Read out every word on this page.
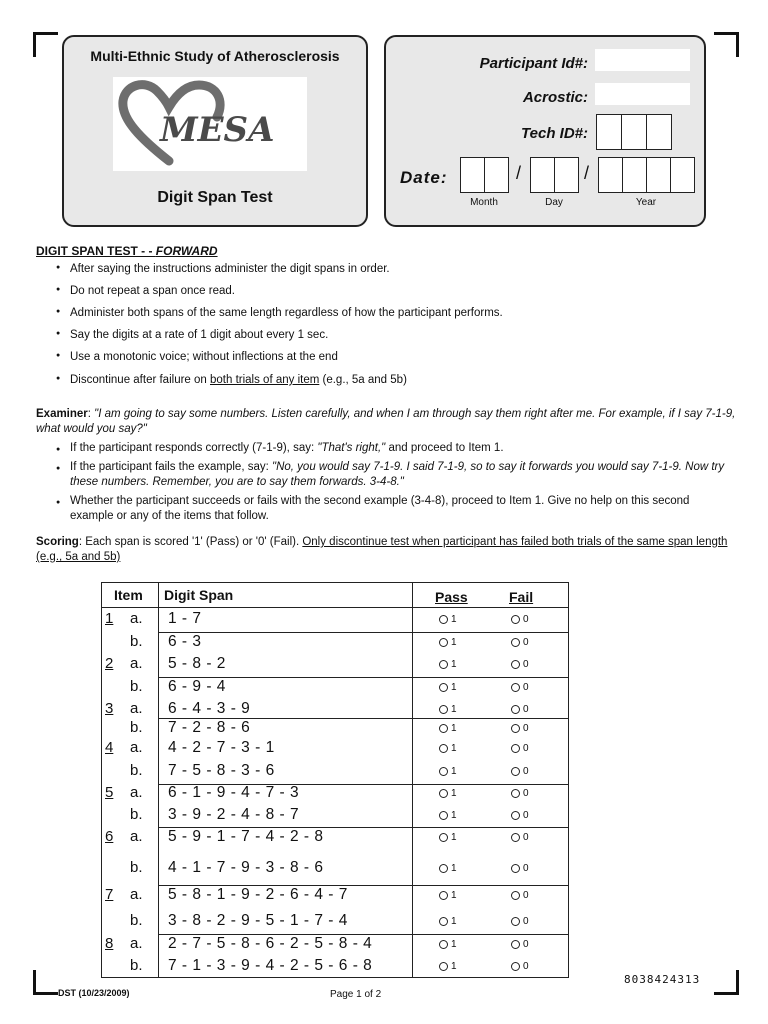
Multi-Ethnic Study of Atherosclerosis
MESA
Digit Span Test
Participant Id#:
Acrostic:
Tech ID#:
Date:	/	/
Month	Day	Year
DIGIT SPAN TEST - - FORWARD
● After saying the instructions administer the digit spans in order.
● Do not repeat a span once read.
● Administer both spans of the same length regardless of how the participant performs.
● Say the digits at a rate of 1 digit about every 1 sec.
● Use a monotonic voice; without inflections at the end
● Discontinue after failure on both trials of any item (e.g., 5a and 5b)
Examiner: "I am going to say some numbers. Listen carefully, and when I am through say them right after me. For example, if I say 7-1-9, what would you say?"
● If the participant responds correctly (7-1-9), say: "That's right," and proceed to Item 1.
● If the participant fails the example, say: "No, you would say 7-1-9. I said 7-1-9, so to say it forwards you would say 7-1-9. Now try these numbers. Remember, you are to say them forwards. 3-4-8."
● Whether the participant succeeds or fails with the second example (3-4-8), proceed to Item 1. Give no help on this second example or any of the items that follow.
Scoring: Each span is scored '1' (Pass) or '0' (Fail). Only discontinue test when participant has failed both trials of the same span length (e.g., 5a and 5b)
Item Digit Span	Pass	Fail
1 a. 1 - 7	1	0
b. 6 - 3	1	0
2 a. 5 - 8 - 2	1	0
b. 6 - 9 - 4	1	0
3 a. 6 - 4 - 3 - 9	1	0
b. 7 - 2 - 8 - 6	1	0
4 a. 4 - 2 - 7 - 3 - 1	1	0
b. 7 - 5 - 8 - 3 - 6	1	0
5 a. 6 - 1 - 9 - 4 - 7 - 3	1	0
b. 3 - 9 - 2 - 4 - 8 - 7	1	0
6 a. 5 - 9 - 1 - 7 - 4 - 2 - 8	1	0
b. 4 - 1 - 7 - 9 - 3 - 8 - 6	1	0
7 a. 5 - 8 - 1 - 9 - 2 - 6 - 4 - 7	1	0
b. 3 - 8 - 2 - 9 - 5 - 1 - 7 - 4	1	0
8 a. 2 - 7 - 5 - 8 - 6 - 2 - 5 - 8 - 4	1	0
b. 7 - 1 - 3 - 9 - 4 - 2 - 5 - 6 - 8	1	0
DST (10/23/2009)	Page 1 of 2
8038424313
